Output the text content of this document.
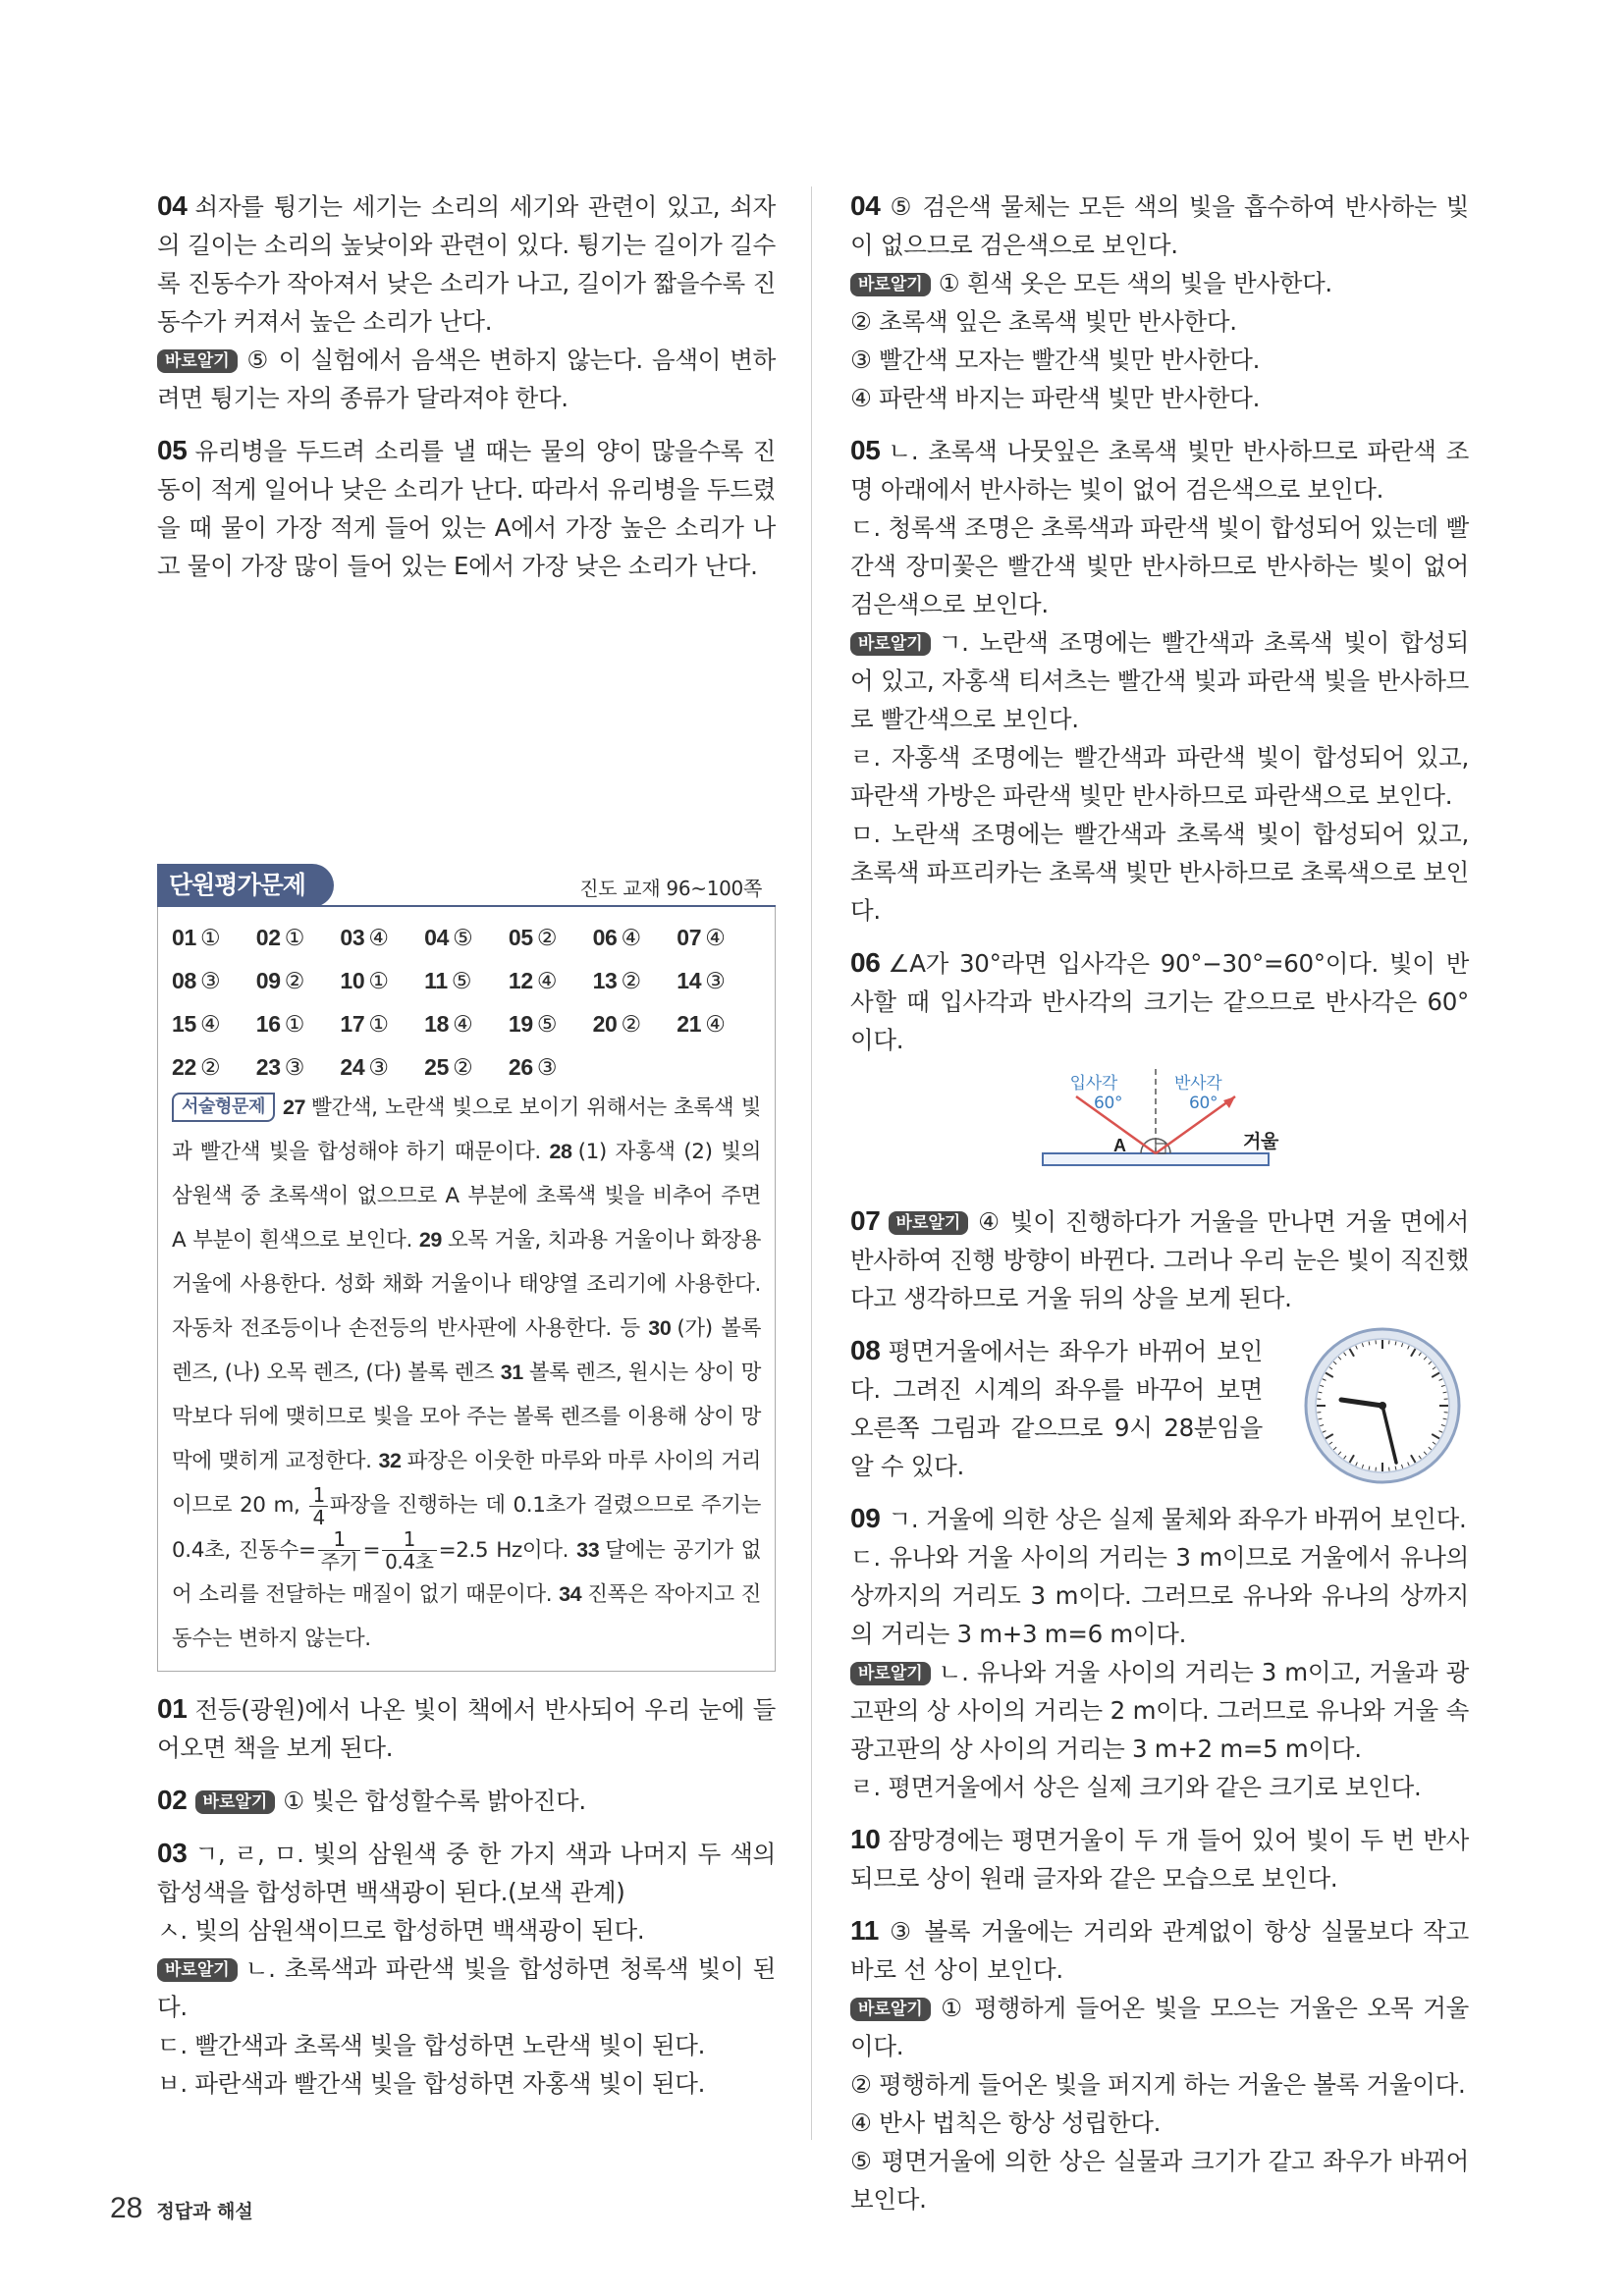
04 쇠자를 튕기는 세기는 소리의 세기와 관련이 있고, 쇠자의 길이는 소리의 높낮이와 관련이 있다. 튕기는 길이가 길수록 진동수가 작아져서 낮은 소리가 나고, 길이가 짧을수록 진동수가 커져서 높은 소리가 난다.

바로알기 ⑤ 이 실험에서 음색은 변하지 않는다. 음색이 변하려면 튕기는 자의 종류가 달라져야 한다.

05 유리병을 두드려 소리를 낼 때는 물의 양이 많을수록 진동이 적게 일어나 낮은 소리가 난다. 따라서 유리병을 두드렸을 때 물이 가장 적게 들어 있는 A에서 가장 높은 소리가 나고 물이 가장 많이 들어 있는 E에서 가장 낮은 소리가 난다.

단원평가문제	진도 교재 96~100쪽
01 ①	02 ①	03 ④	04 ⑤	05 ②	06 ④	07 ④
08 ③	09 ②	10 ①	11 ⑤	12 ④	13 ②	14 ③
15 ④	16 ①	17 ①	18 ④	19 ⑤	20 ②	21 ④
22 ②	23 ③	24 ③	25 ②	26 ③
서술형문제 27 빨간색, 노란색 빛으로 보이기 위해서는 초록색 빛과 빨간색 빛을 합성해야 하기 때문이다. 28 (1) 자홍색 (2) 빛의 삼원색 중 초록색이 없으므로 A 부분에 초록색 빛을 비추어 주면 A 부분이 흰색으로 보인다. 29 오목 거울, 치과용 거울이나 화장용 거울에 사용한다. 성화 채화 거울이나 태양열 조리기에 사용한다. 자동차 전조등이나 손전등의 반사판에 사용한다. 등 30 (가) 볼록 렌즈, (나) 오목 렌즈, (다) 볼록 렌즈 31 볼록 렌즈, 원시는 상이 망막보다 뒤에 맺히므로 빛을 모아 주는 볼록 렌즈를 이용해 상이 망막에 맺히게 교정한다. 32 파장은 이웃한 마루와 마루 사이의 거리이므로 20 m, $\frac{1}{4}$ 파장을 진행하는 데 0.1초가 걸렸으므로 주기는 0.4초, 진동수= $\frac{1}{\text{주기}} = \frac{1}{\text{0.4초}} =2.5$ Hz이다. 33 달에는 공기가 없어 소리를 전달하는 매질이 없기 때문이다. 34 진폭은 작아지고 진동수는 변하지 않는다.

01 전등(광원)에서 나온 빛이 책에서 반사되어 우리 눈에 들어오면 책을 보게 된다.

02 바로알기 ① 빛은 합성할수록 밝아진다.

03 ㄱ, ㄹ, ㅁ. 빛의 삼원색 중 한 가지 색과 나머지 두 색의 합성색을 합성하면 백색광이 된다.(보색 관계)

ㅅ. 빛의 삼원색이므로 합성하면 백색광이 된다.

바로알기 ㄴ. 초록색과 파란색 빛을 합성하면 청록색 빛이 된다.

ㄷ. 빨간색과 초록색 빛을 합성하면 노란색 빛이 된다.

ㅂ. 파란색과 빨간색 빛을 합성하면 자홍색 빛이 된다.

04 ⑤ 검은색 물체는 모든 색의 빛을 흡수하여 반사하는 빛이 없으므로 검은색으로 보인다.

바로알기 ① 흰색 옷은 모든 색의 빛을 반사한다.

② 초록색 잎은 초록색 빛만 반사한다.

③ 빨간색 모자는 빨간색 빛만 반사한다.

④ 파란색 바지는 파란색 빛만 반사한다.

05 ㄴ. 초록색 나뭇잎은 초록색 빛만 반사하므로 파란색 조명 아래에서 반사하는 빛이 없어 검은색으로 보인다.

ㄷ. 청록색 조명은 초록색과 파란색 빛이 합성되어 있는데 빨간색 장미꽃은 빨간색 빛만 반사하므로 반사하는 빛이 없어 검은색으로 보인다.

바로알기 ㄱ. 노란색 조명에는 빨간색과 초록색 빛이 합성되어 있고, 자홍색 티셔츠는 빨간색 빛과 파란색 빛을 반사하므로 빨간색으로 보인다.

ㄹ. 자홍색 조명에는 빨간색과 파란색 빛이 합성되어 있고, 파란색 가방은 파란색 빛만 반사하므로 파란색으로 보인다.

ㅁ. 노란색 조명에는 빨간색과 초록색 빛이 합성되어 있고, 초록색 파프리카는 초록색 빛만 반사하므로 초록색으로 보인다.

06 ∠A가 30°라면 입사각은 90°−30°=60°이다. 빛이 반사할 때 입사각과 반사각의 크기는 같으므로 반사각은 60°이다.

입사각
60°
반사각
60°
A	거울

07 바로알기 ④ 빛이 진행하다가 거울을 만나면 거울 면에서 반사하여 진행 방향이 바뀐다. 그러나 우리 눈은 빛이 직진했다고 생각하므로 거울 뒤의 상을 보게 된다.

08 평면거울에서는 좌우가 바뀌어 보인다. 그려진 시계의 좌우를 바꾸어 보면 오른쪽 그림과 같으므로 9시 28분임을 알 수 있다.

09 ㄱ. 거울에 의한 상은 실제 물체와 좌우가 바뀌어 보인다.

ㄷ. 유나와 거울 사이의 거리는 3 m이므로 거울에서 유나의 상까지의 거리도 3 m이다. 그러므로 유나와 유나의 상까지의 거리는 3 m+3 m=6 m이다.

바로알기 ㄴ. 유나와 거울 사이의 거리는 3 m이고, 거울과 광고판의 상 사이의 거리는 2 m이다. 그러므로 유나와 거울 속 광고판의 상 사이의 거리는 3 m+2 m=5 m이다.

ㄹ. 평면거울에서 상은 실제 크기와 같은 크기로 보인다.

10 잠망경에는 평면거울이 두 개 들어 있어 빛이 두 번 반사되므로 상이 원래 글자와 같은 모습으로 보인다.

11 ③ 볼록 거울에는 거리와 관계없이 항상 실물보다 작고 바로 선 상이 보인다.

바로알기 ① 평행하게 들어온 빛을 모으는 거울은 오목 거울이다.

② 평행하게 들어온 빛을 퍼지게 하는 거울은 볼록 거울이다.

④ 반사 법칙은 항상 성립한다.

⑤ 평면거울에 의한 상은 실물과 크기가 같고 좌우가 바뀌어 보인다.

28 정답과 해설
